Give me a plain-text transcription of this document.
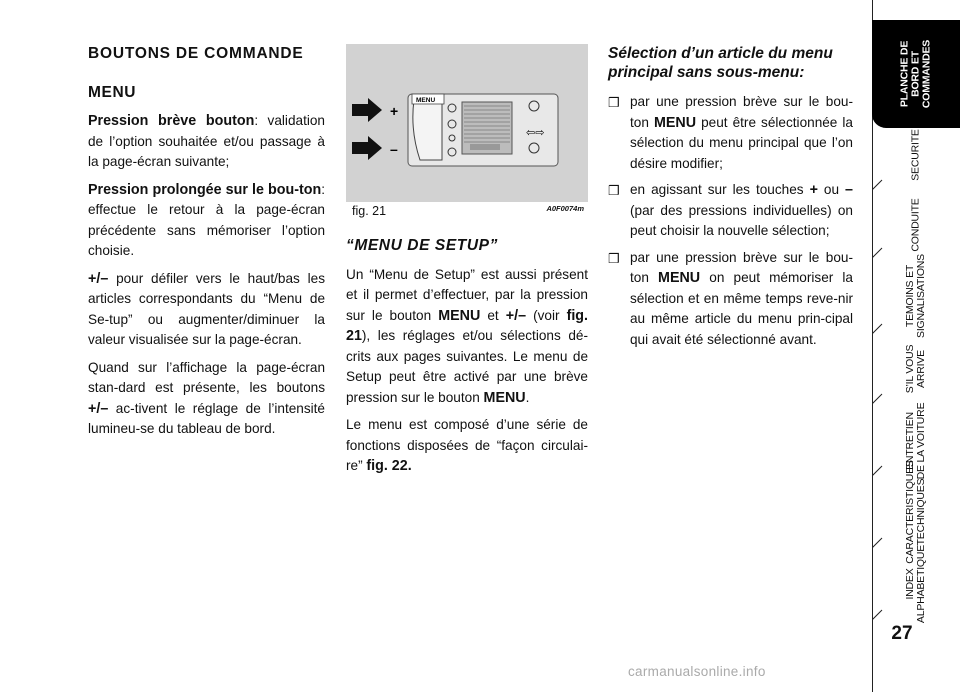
BOUTONS DE COMMANDE
MENU

Pression brève bouton: validation de l’option souhaitée et/ou passage à la page-écran suivante;

Pression prolongée sur le bou-ton: effectue le retour à la page-écran précédente sans mémoriser l’option choisie.

+/– pour défiler vers le haut/bas les articles correspondants du “Menu de Se-tup” ou augmenter/diminuer la valeur visualisée sur la page-écran.

Quand sur l’affichage la page-écran stan-dard est présente, les boutons +/– ac-tivent le réglage de l’intensité lumineu-se du tableau de bord.

+
–
MENU
⇦⇨
fig. 21	A0F0074m
“MENU DE SETUP”

Un “Menu de Setup” est aussi présent et il permet d’effectuer, par la pression sur le bouton MENU et +/– (voir fig. 21), les réglages et/ou sélections dé-crits aux pages suivantes. Le menu de Setup peut être activé par une brève pression sur le bouton MENU.

Le menu est composé d’une série de fonctions disposées de “façon circulai-re” fig. 22.

Sélection d’un article du menu principal sans sous-menu:
❒ par une pression brève sur le bou-ton MENU peut être sélectionnée la sélection du menu principal que l’on désire modifier;
❒ en agissant sur les touches + ou – (par des pressions individuelles) on peut choisir la nouvelle sélection;
❒ par une pression brève sur le bou-ton MENU on peut mémoriser la sélection et en même temps reve-nir au même article du menu prin-cipal qui avait été sélectionné avant.
PLANCHE DE
BORD ET
COMMANDES
SECURITE
CONDUITE
TEMOINS ET
SIGNALISATIONS
S’IL VOUS
ARRIVE
ENTRETIEN
DE LA VOITURE
CARACTERISTIQUES
TECHNIQUES
INDEX
ALPHABETIQUE
27
carmanualsonline.info
